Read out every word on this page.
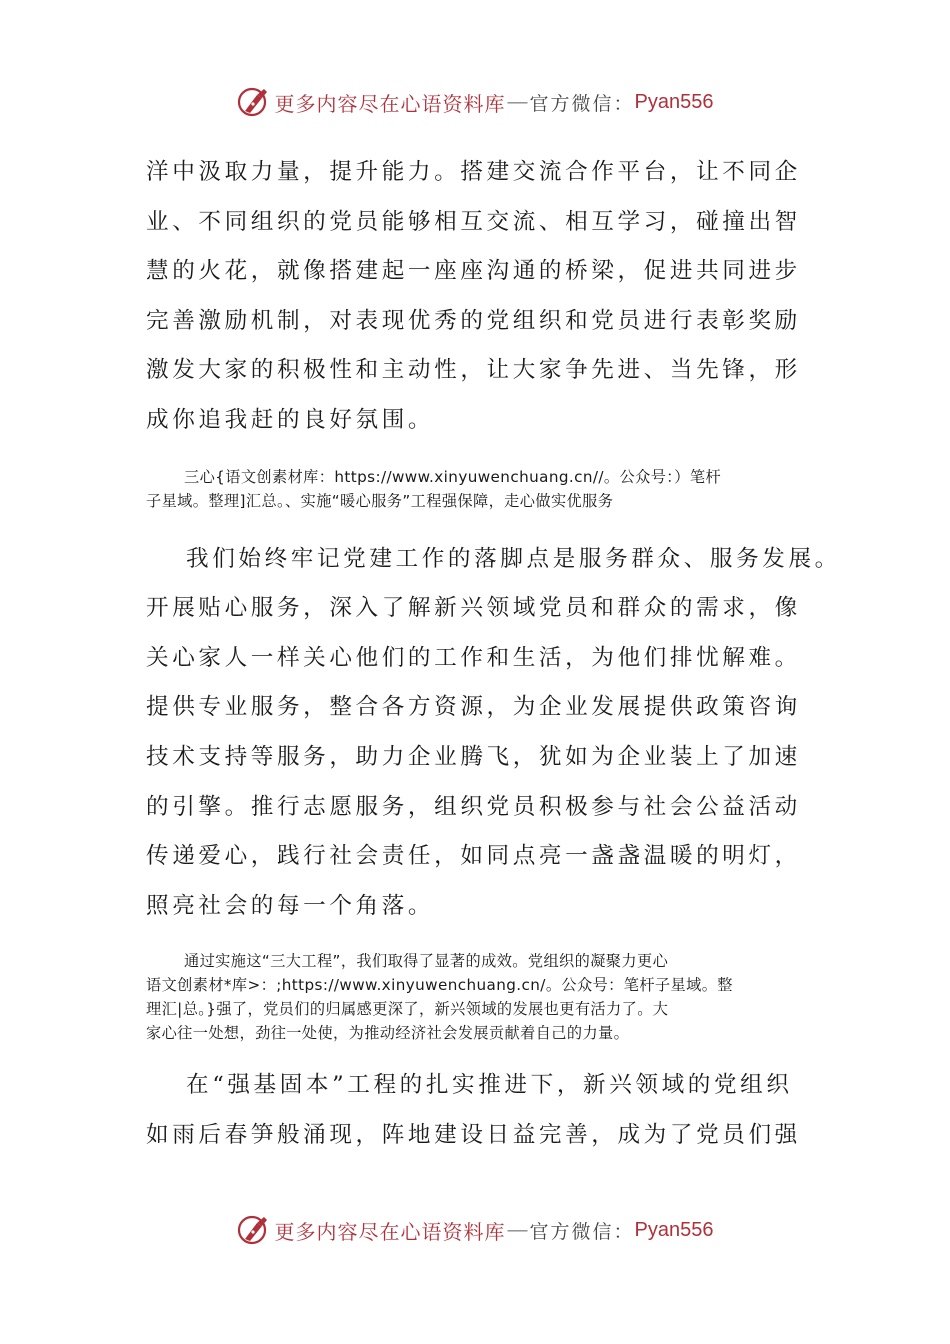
更多内容尽在心语资料库 — 官方微信： Pyan556

洋中汲取力量，提升能力。搭建交流合作平台，让不同企
业、不同组织的党员能够相互交流、相互学习，碰撞出智
慧的火花，就像搭建起一座座沟通的桥梁，促进共同进步
完善激励机制，对表现优秀的党组织和党员进行表彰奖励
激发大家的积极性和主动性，让大家争先进、当先锋，形
成你追我赶的良好氛围。

三心{语文创素材库：https://www.xinyuwenchuang.cn//。公众号：）笔杆
子星域。整理]汇总。、实施“暖心服务”工程强保障，走心做实优服务

我们始终牢记党建工作的落脚点是服务群众、服务发展。
开展贴心服务，深入了解新兴领域党员和群众的需求，像
关心家人一样关心他们的工作和生活，为他们排忧解难。
提供专业服务，整合各方资源，为企业发展提供政策咨询
技术支持等服务，助力企业腾飞，犹如为企业装上了加速
的引擎。推行志愿服务，组织党员积极参与社会公益活动
传递爱心，践行社会责任，如同点亮一盏盏温暖的明灯，
照亮社会的每一个角落。

通过实施这“三大工程”，我们取得了显著的成效。党组织的凝聚力更心
语文创素材*库>：;https://www.xinyuwenchuang.cn/。公众号：笔杆子星域。整
理汇|总。}强了，党员们的归属感更深了，新兴领域的发展也更有活力了。大
家心往一处想，劲往一处使，为推动经济社会发展贡献着自己的力量。

在“强基固本”工程的扎实推进下，新兴领域的党组织
如雨后春笋般涌现，阵地建设日益完善，成为了党员们强

更多内容尽在心语资料库 — 官方微信： Pyan556
